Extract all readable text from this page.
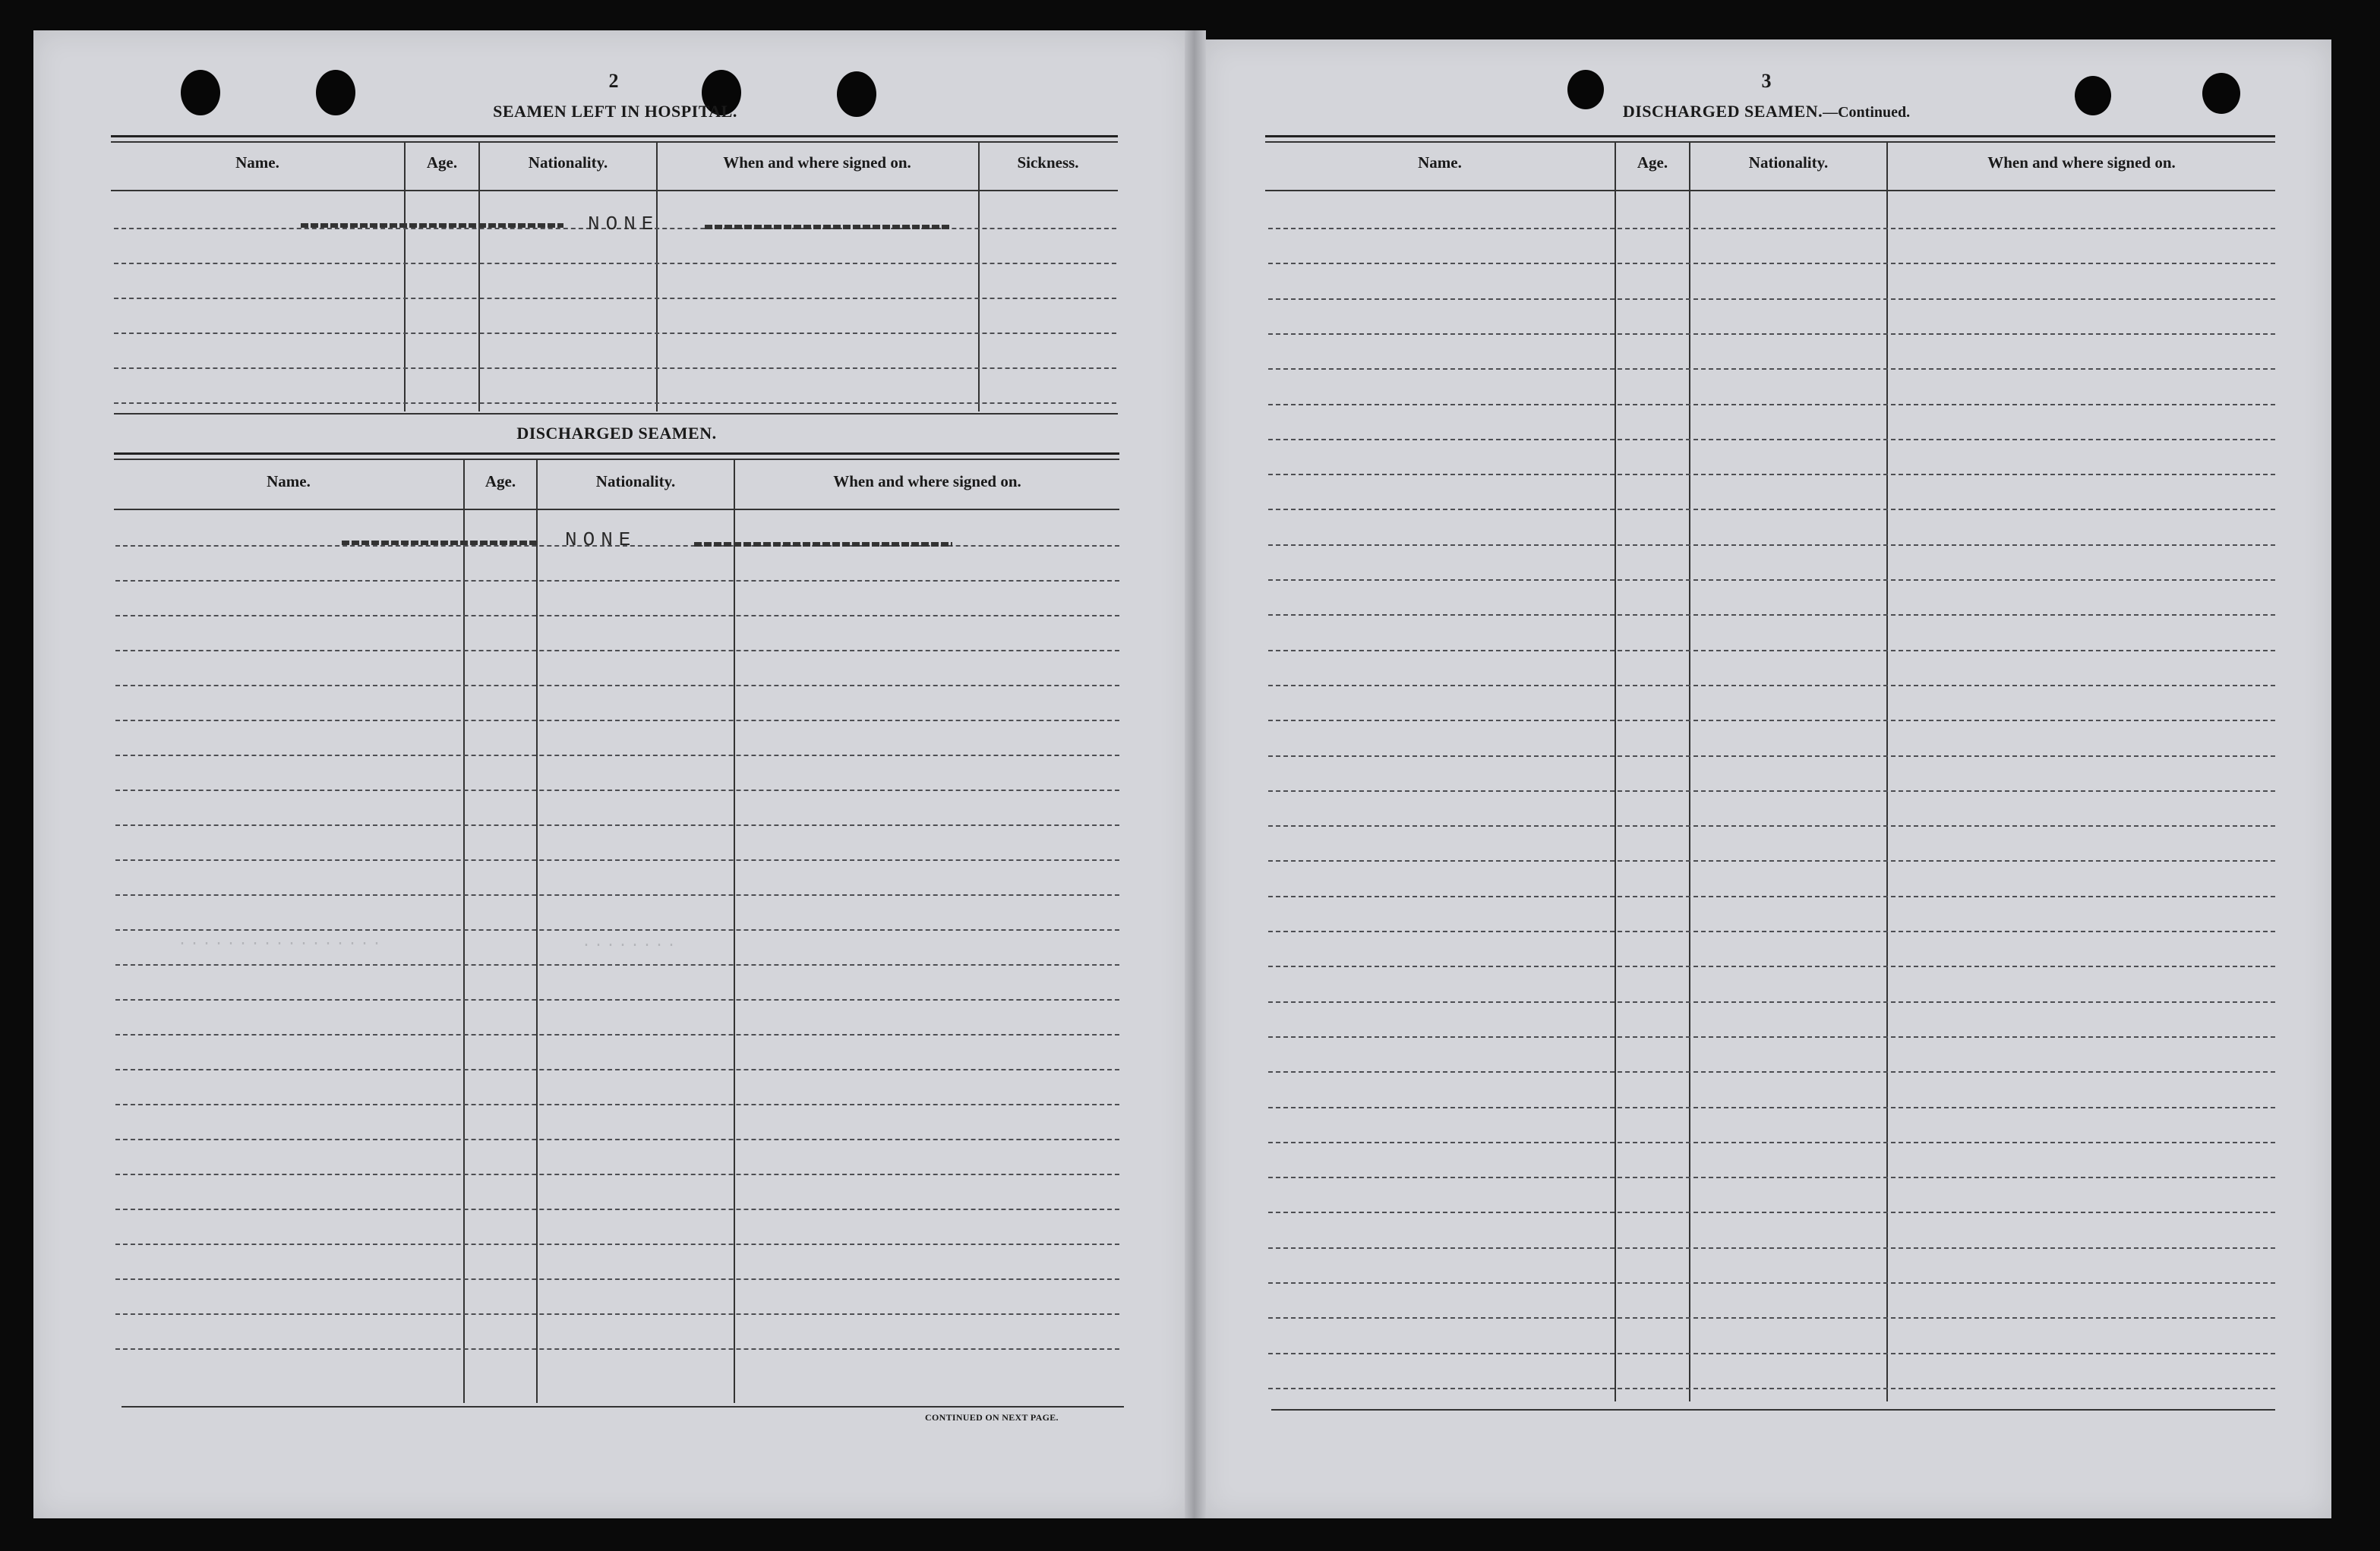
2
SEAMEN LEFT IN HOSPITAL.
Name.	Age.	Nationality.	When and where signed on.	Sickness.
NONE
DISCHARGED SEAMEN.
Name.	Age.	Nationality.	When and where signed on.
NONE
.................	........
CONTINUED ON NEXT PAGE.
3
DISCHARGED SEAMEN.—Continued.
Name.	Age.	Nationality.	When and where signed on.
